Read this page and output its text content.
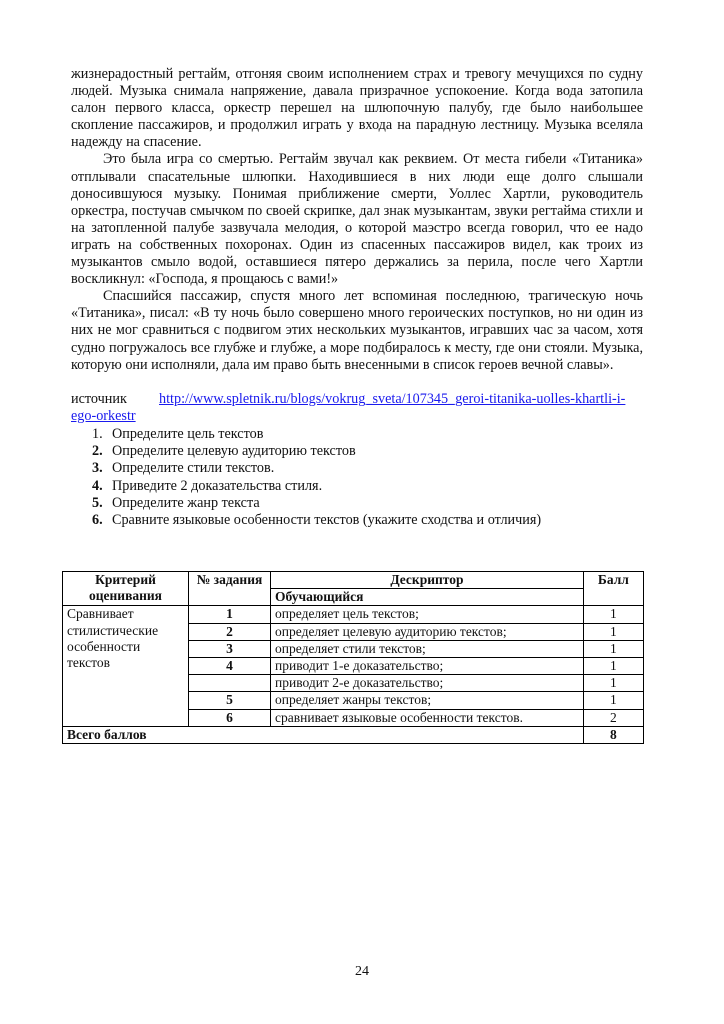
жизнерадостный регтайм, отгоняя своим исполнением страх и тревогу мечущихся по судну людей. Музыка снимала напряжение, давала призрачное успокоение. Когда вода затопила салон первого класса, оркестр перешел на шлюпочную палубу, где было наибольшее скопление пассажиров, и продолжил играть у входа на парадную лестницу. Музыка вселяла надежду на спасение.

Это была игра со смертью. Регтайм звучал как реквием. От места гибели «Титаника» отплывали спасательные шлюпки. Находившиеся в них люди еще долго слышали доносившуюся музыку. Понимая приближение смерти, Уоллес Хартли, руководитель оркестра, постучав смычком по своей скрипке, дал знак музыкантам, звуки регтайма стихли и на затопленной палубе зазвучала мелодия, о которой маэстро всегда говорил, что ее надо играть на собственных похоронах. Один из спасенных пассажиров видел, как троих из музыкантов смыло водой, оставшиеся пятеро держались за перила, после чего Хартли воскликнул: «Господа, я прощаюсь с вами!»

Спасшийся пассажир, спустя много лет вспоминая последнюю, трагическую ночь «Титаника», писал: «В ту ночь было совершено много героических поступков, но ни один из них не мог сравниться с подвигом этих нескольких музыкантов, игравших час за часом, хотя судно погружалось все глубже и глубже, а море подбиралось к месту, где они стояли. Музыка, которую они исполняли, дала им право быть внесенными в список героев вечной славы».

источник http://www.spletnik.ru/blogs/vokrug_sveta/107345_geroi-titanika-uolles-khartli-i-ego-orkestr
1. Определите цель текстов
2. Определите целевую аудиторию текстов
3. Определите стили текстов.
4. Приведите 2 доказательства стиля.
5. Определите жанр текста
6. Сравните языковые особенности текстов (укажите сходства и отличия)
Критерий оценивания	№ задания	Дескриптор	Балл
		Обучающийся	
Сравнивает стилистические особенности текстов	1	определяет цель текстов;	1
	2	определяет целевую аудиторию текстов;	1
	3	определяет стили текстов;	1
	4	приводит 1-е доказательство;	1
		приводит 2-е доказательство;	1
	5	определяет жанры текстов;	1
	6	сравнивает языковые особенности текстов.	2
Всего баллов			8
24
